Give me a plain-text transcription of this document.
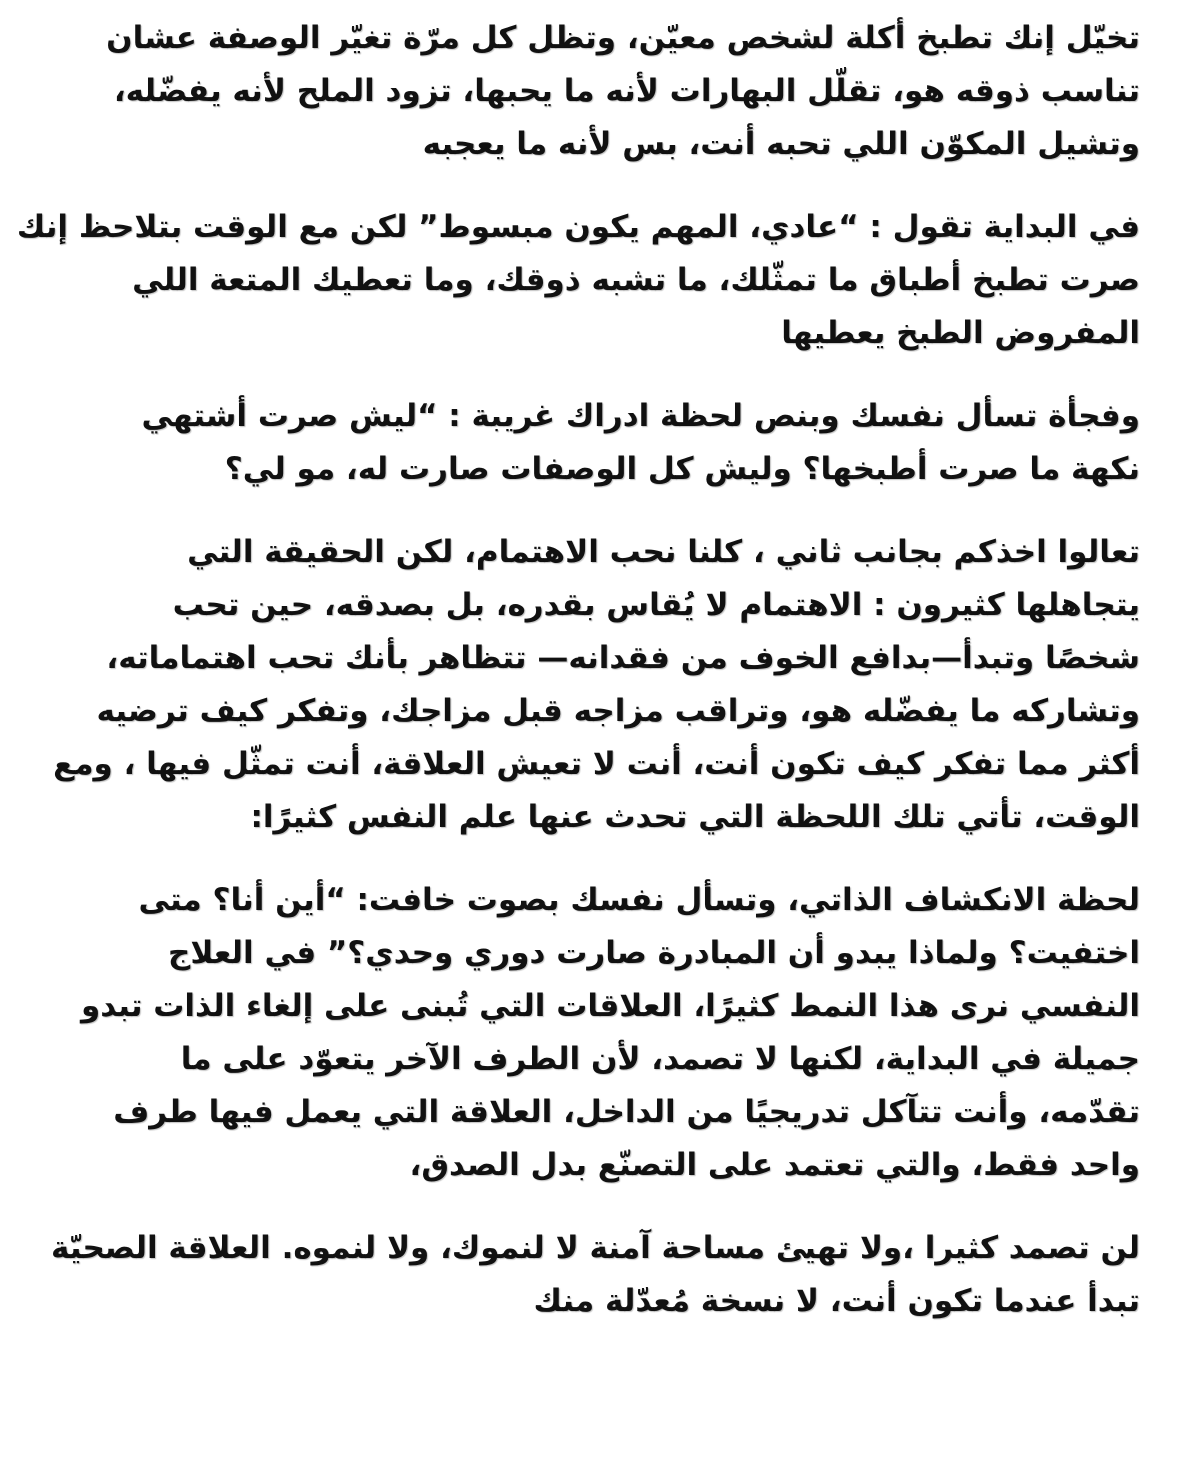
تخيّل إنك تطبخ أكلة لشخص معيّن، وتظل كل مرّة تغيّر الوصفة عشان
تناسب ذوقه هو، تقلّل البهارات لأنه ما يحبها، تزود الملح لأنه يفضّله،
وتشيل المكوّن اللي تحبه أنت، بس لأنه ما يعجبه
في البداية تقول : “عادي، المهم يكون مبسوط” لكن مع الوقت بتلاحظ إنك
صرت تطبخ أطباق ما تمثّلك، ما تشبه ذوقك، وما تعطيك المتعة اللي
المفروض الطبخ يعطيها
وفجأة تسأل نفسك وبنص لحظة ادراك غريبة : “ليش صرت أشتهي
نكهة ما صرت أطبخها؟ وليش كل الوصفات صارت له، مو لي؟
تعالوا اخذكم بجانب ثاني ، كلنا نحب الاهتمام، لكن الحقيقة التي
يتجاهلها كثيرون : الاهتمام لا يُقاس بقدره، بل بصدقه، حين تحب
شخصًا وتبدأ—بدافع الخوف من فقدانه— تتظاهر بأنك تحب اهتماماته،
وتشاركه ما يفضّله هو، وتراقب مزاجه قبل مزاجك، وتفكر كيف ترضيه
أكثر مما تفكر كيف تكون أنت، أنت لا تعيش العلاقة، أنت تمثّل فيها ، ومع
الوقت، تأتي تلك اللحظة التي تحدث عنها علم النفس كثيرًا:
لحظة الانكشاف الذاتي، وتسأل نفسك بصوت خافت: “أين أنا؟ متى
اختفيت؟ ولماذا يبدو أن المبادرة صارت دوري وحدي؟” في العلاج
النفسي نرى هذا النمط كثيرًا، العلاقات التي تُبنى على إلغاء الذات تبدو
جميلة في البداية، لكنها لا تصمد، لأن الطرف الآخر يتعوّد على ما
تقدّمه، وأنت تتآكل تدريجيًا من الداخل، العلاقة التي يعمل فيها طرف
واحد فقط، والتي تعتمد على التصنّع بدل الصدق،
لن تصمد كثيرا ،ولا تهيئ مساحة آمنة لا لنموك، ولا لنموه. العلاقة الصحيّة
تبدأ عندما تكون أنت، لا نسخة مُعدّلة منك
